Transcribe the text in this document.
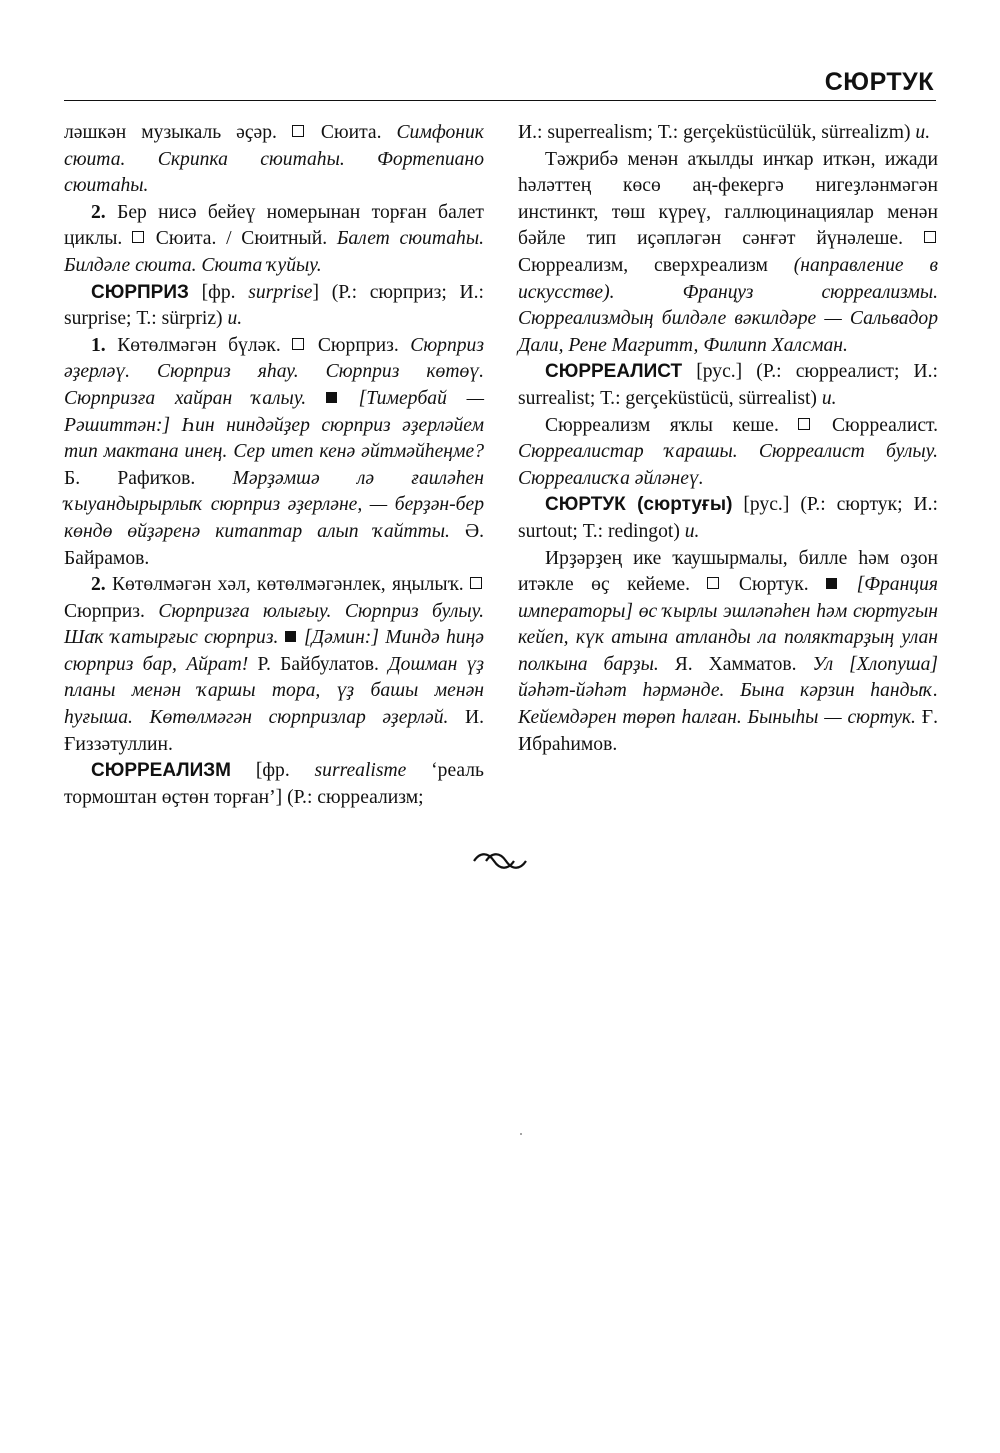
СЮРТУК

ләшкән музыкаль әҫәр.  Сюита. Симфоник сюита. Скрипка сюитаһы. Фортепиано сюитаһы.

2. Бер нисә бейеү номерынан торған балет циклы.  Сюита. / Сюитный. Балет сюитаһы. Билдәле сюита. Сюита ҡуйыу.

СЮРПРИЗ [фр. surprise] (Р.: сюрприз; И.: surprise; Т.: sürpriz) и.

1. Көтөлмәгән бүләк.  Сюрприз. Сюрприз әҙерләү. Сюрприз яһау. Сюрприз көтөү. Сюрпризға хайран ҡалыу.  [Тимербай — Рәшиттән:] Һин ниндәйҙер сюрприз әҙерләйем тип мактана инең. Сер итеп кенә әйтмәйһеңме? Б. Рафиҡов. Мәрҙәмшә лә ғаиләһен ҡыуандырырлыҡ сюрприз әҙерләне, — берҙән-бер көндө өйҙәренә китаптар алып ҡайтты. Ә. Байрамов.

2. Көтөлмәгән хәл, көтөлмәгәнлек, яңылыҡ.  Сюрприз. Сюрпризға юлығыу. Сюрприз булыу. Шаҡ ҡатырғыс сюрприз.  [Дәмин:] Миндә һиңә сюрприз бар, Айрат! Р. Байбулатов. Дошман үҙ планы менән ҡаршы тора, үҙ башы менән һуғыша. Көтөлмәгән сюрпризлар әҙерләй. И. Ғиззәтуллин.

СЮРРЕАЛИЗМ [фр. surrealisme ‘реаль тормоштан өҫтөн торған’] (Р.: сюрреализм;

И.: superrealism; Т.: gerçeküstücülük, sürrealizm) и.

Тәжрибә менән аҡылды инҡар иткән, ижади һәләттең көсө аң-фекергә нигеҙләнмәгән инстинкт, төш күреү, галлюцинациялар менән бәйле тип иҫәпләгән сәнғәт йүнәлеше.  Сюрреализм, сверхреализм (направление в искусстве). Француз сюрреализмы. Сюрреализмдың билдәле вәкилдәре — Сальвадор Дали, Рене Магритт, Филипп Халсман.

СЮРРЕАЛИСТ [рус.] (Р.: сюрреалист; И.: surrealist; Т.: gerçeküstücü, sürrealist) и.

Сюрреализм яҡлы кеше.  Сюрреалист. Сюрреалистар ҡарашы. Сюрреалист булыу. Сюрреалисҡа әйләнеү.

СЮРТУК (сюртуғы) [рус.] (Р.: сюртук; И.: surtout; Т.: redingot) и.

Ирҙәрҙең ике ҡаушырмалы, билле һәм оҙон итәкле өҫ кейеме.  Сюртук.  [Франция императоры] өс ҡырлы эшләпәһен һәм сюртугын кейеп, күк атына атланды ла поляктарҙың улан полкына барҙы. Я. Хамматов. Ул [Хлопуша] йәһәт-йәһәт һәрмәнде. Бына кәрзин һандыҡ. Кейемдәрен төрөп һалған. Быныһы — сюртук. Ғ. Ибраһимов.
